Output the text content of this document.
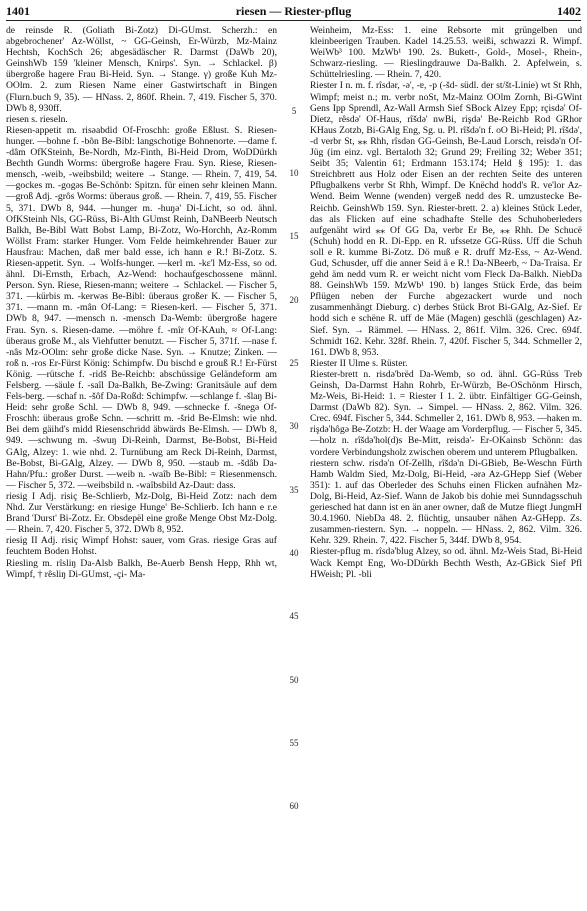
1401	riesen — Riester-pflug	1402

de reinsde R. (Goliath Bi-Zotz) Di-GUmst. Scherzh.: en abgebrochener' Az-Wöllst, ~ GG-Geinsh, Er-Würzb, Mz-Mainz Hechtsh, KochSch 26; abgesädäscher R. Darmst (DaWb 20), GeinshWb 159 'kleiner Mensch, Knirps'. Syn. → Schlackel. β) übergroße hagere Frau Bi-Heid. Syn. → Stange. γ) große Kuh Mz-OOlm. 2. zum Riesen Name einer Gastwirtschaft in Bingen (Flurn.buch 9, 35). — HNass. 2, 860f. Rhein. 7, 419. Fischer 5, 370. DWb 8, 930ff.

riesen s. rieseln.

Riesen-appetit m. risəabdid Of-Froschh: große Eßlust. S. Riesen-hunger. —bohne f. -bõn Be-Bibl: langschotige Bohnenorte. —dame f. -dâm OfKSteinh, Be-Nordh, Mz-Finth, Bi-Heid Drom, WoDDürkh Bechth Gundh Worms: übergroße hagere Frau. Syn. Riese, Riesen-mensch, -weib, -weibsbild; weitere → Stange. — Rhein. 7, 419, 54. —gockes m. -gogəs Be-Schönb: Spitzn. für einen sehr kleinen Mann. —groß Adj. -grôs Worms: überaus groß. — Rhein. 7, 419, 55. Fischer 5, 371. DWb 8, 944. —hunger m. -huŋə' Di-Licht, so od. ähnl. OfKSteinh Nls, GG-Rüss, Bi-Alth GUmst Reinh, DaNBeerb Neutsch Balkh, Be-Bibl Watt Bobst Lamp, Bi-Zotz, Wo-Horchh, Az-Romm Wöllst Fram: starker Hunger. Vom Felde heimkehrender Bauer zur Hausfrau: Machen, daß mer bald esse, ich hann e R.! Bi-Zotz. S. Riesen-appetit. Syn. → Wolfs-hunger. —kerl m. -kε'l Mz-Ess, so od. ähnl. Di-Ernsth, Erbach, Az-Wend: hochaufgeschossene männl. Person. Syn. Riese, Riesen-mann; weitere → Schlackel. — Fischer 5, 371. —kürbis m. -kerwəs Be-Bibl: überaus großer K. — Fischer 5, 371. —mann m. -mân Of-Lang: = Riesen-kerl. — Fischer 5, 371. DWb 8, 947. —mensch n. -mensch Da-Wemb: übergroße hagere Frau. Syn. s. Riesen-dame. —möhre f. -mîr Of-KAuh, ≈ Of-Lang: überaus große M., als Viehfutter benutzt. — Fischer 5, 371f. —nase f. -nâs Mz-OOlm: sehr große dicke Nase. Syn. → Knutze; Zinken. —roß n. -ros Er-Fürst König: Schimpfw. Du bischd e grouß R.! Er-Fürst König. —rütsche f. -ridš Be-Reichb: abschüssige Geländeform am Felsberg. —säule f. -saîl Da-Balkh, Be-Zwing: Granitsäule auf dem Fels-berg. —schaf n. -šôf Da-Roßd: Schimpfw. —schlange f. -šlaŋ Bi-Heid: sehr große Schl. — DWb 8, 949. —schnecke f. -šnegə Of-Froschh: überaus große Schn. —schritt m. -šrid Be-Elmsh: wie nhd. Bei dem gäihd's midd Riesenschridd äbwärds Be-Elmsh. — DWb 8, 949. —schwung m. -šwuŋ Di-Reinh, Darmst, Be-Bobst, Bi-Heid GAlg, Alzey: 1. wie nhd. 2. Turnübung am Reck Di-Reinh, Darmst, Be-Bobst, Bi-GAlg, Alzey. — DWb 8, 950. —staub m. -šdâb Da-Hahn/Pfu.: großer Durst. —weib n. -waîb Be-Bibl: = Riesenmensch. — Fischer 5, 372. —weibsbild n. -waîbsbild Az-Daut: dass.

riesig I Adj. risiç Be-Schlierb, Mz-Dolg, Bi-Heid Zotz: nach dem Nhd. Zur Verstärkung: en riesige Hunge' Be-Schlierb. Ich hann e r.e Brand 'Durst' Bi-Zotz. Er. Obsdepël eine große Menge Obst Mz-Dolg. — Rhein. 7, 420. Fischer 5, 372. DWb 8, 952.

riesig II Adj. risiç Wimpf Hohst: sauer, vom Gras. riesige Gras auf feuchtem Boden Hohst.

Riesling m. rîsliŋ Da-Alsb Balkh, Be-Auerb Bensh Hepp, Rhh wt, Wimpf, † rêsliŋ Di-GUmst, -çi- Ma-

5
10
15
20
25
30
35
40
45
50
55
60

Weinheim, Mz-Ess: 1. eine Rebsorte mit grüngelben und kleinbeerigen Trauben. Kadel 14.25.53. weißi, schwazzi R. Wimpf. WeiWb³ 100. MzWb¹ 190. 2s. Bukett-, Gold-, Mosel-, Rhein-, Schwarz-riesling. — Rieslingdrauwe Da-Balkh. 2. Apfelwein, s. Schüttelriesling. — Rhein. 7, 420.

Riester I n. m. f. rîsdər, -ə', -ɐ, -p (-šd- südl. der st/št-Linie) wt St Rhh, Wimpf; meist n.; m. verbr noSt, Mz-Mainz OOlm Zornh, Bi-GWint Gens Ipp Sprendl, Az-Wall Armsh Sief SBock Alzey Epp; rçisdə' Of-Dietz, rêsdə' Of-Haus, rîšdə' nwBi, rişdə' Be-Reichb Rod GRhor KHaus Zotzb, Bi-GAlg Eng, Sg. u. Pl. rîšdə'n f. oO Bi-Heid; Pl. rîšdə', -d verbr St, ⁎⁎ Rhh, rîsdən GG-Geinsh, Be-Laud Lorsch, reisdə'n Of-Jüg (im einz. vgl. Bertaloth 32; Grund 29; Freiling 32; Weber 351; Seibt 35; Valentin 61; Erdmann 153.174; Held § 195): 1. das Streichbrett aus Holz oder Eisen an der rechten Seite des unteren Pflugbalkens verbr St Rhh, Wimpf. De Knëchd hodd's R. ve'lor Az-Wend. Beim Wenne (wenden) vergeß nedd des R. umzustecke Be-Reichb. GeinshWb 159. Syn. Riester-brett. 2. a) kleines Stück Leder, das als Flicken auf eine schadhafte Stelle des Schuhoberleders aufgenäht wird ⁎⁎ Of GG Da, verbr Er Be, ⁎⁎ Rhh. De Schucë (Schuh) hodd en R. Di-Epp. en R. ufssetze GG-Rüss. Uff die Schuh soll e R. kumme Bi-Zotz. Dö muß e R. druff Mz-Ess, ~ Az-Wend. Gud, Schusder, uff die anner Seid ä e R.! Da-NBeerb, ~ Da-Traisa. Er gehd äm nedd vum R. er weicht nicht vom Fleck Da-Balkh. NiebDa 88. GeinshWb 159. MzWb¹ 190. b) langes Stück Erde, das beim Pflügen neben der Furche abgezackert wurde und noch zusammenhängt Dieburg. c) derbes Stück Brot Bi-GAlg, Az-Sief. Er hodd sich e schëne R. uff de Mäe (Magen) geschlä (geschlagen) Az-Sief. Syn. → Rämmel. — HNass. 2, 861f. Vilm. 326. Crec. 694f. Schmidt 162. Kehr. 328f. Rhein. 7, 420f. Fischer 5, 344. Schmeller 2, 161. DWb 8, 953.

Riester II Ulme s. Rüster.

Riester-brett n. risdə'brëd Da-Wemb, so od. ähnl. GG-Rüss Treb Geinsh, Da-Darmst Hahn Rohrb, Er-Würzb, Be-OSchönm Hirsch, Mz-Weis, Bi-Heid: 1. = Riester I 1. 2. übtr. Einfältiger GG-Geinsh, Darmst (DaWb 82). Syn. → Simpel. — HNass. 2, 862. Vilm. 326. Crec. 694f. Fischer 5, 344. Schmeller 2, 161. DWb 8, 953. —haken m. rişdə'hôgə Be-Zotzb: H. der Waage am Vorderpflug. — Fischer 5, 345. —holz n. rîšdə'hol(d)s Be-Mitt, reisdə'- Er-OKainsb Schönn: das vordere Verbindungsholz zwischen oberem und unterem Pflugbalken.

riestern schw. risdə'n Of-Zellh, rîšdə'n Di-GBieb, Be-Weschn Fürth Hamb Waldm Sied, Mz-Dolg, Bi-Heid, -ərə Az-GHepp Sief (Weber 351): 1. auf das Oberleder des Schuhs einen Flicken aufnähen Mz-Dolg, Bi-Heid, Az-Sief. Wann de Jakob bis dohie mei Sunndagsschuh geriesched hat dann ist en än aner owner, daß de Mutze fliegt JungmH 30.4.1960. NiebDa 48. 2. flüchtig, unsauber nähen Az-GHepp. Zs. zusammen-riestern. Syn. → noppeln. — HNass. 2, 862. Vilm. 326. Kehr. 329. Rhein. 7, 422. Fischer 5, 344f. DWb 8, 954.

Riester-pflug m. rîsdə'blug Alzey, so od. ähnl. Mz-Weis Stad, Bi-Heid Wack Kempt Eng, Wo-DDürkh Bechth Westh, Az-GBick Sief Pfl HWeish; Pl. -bli
